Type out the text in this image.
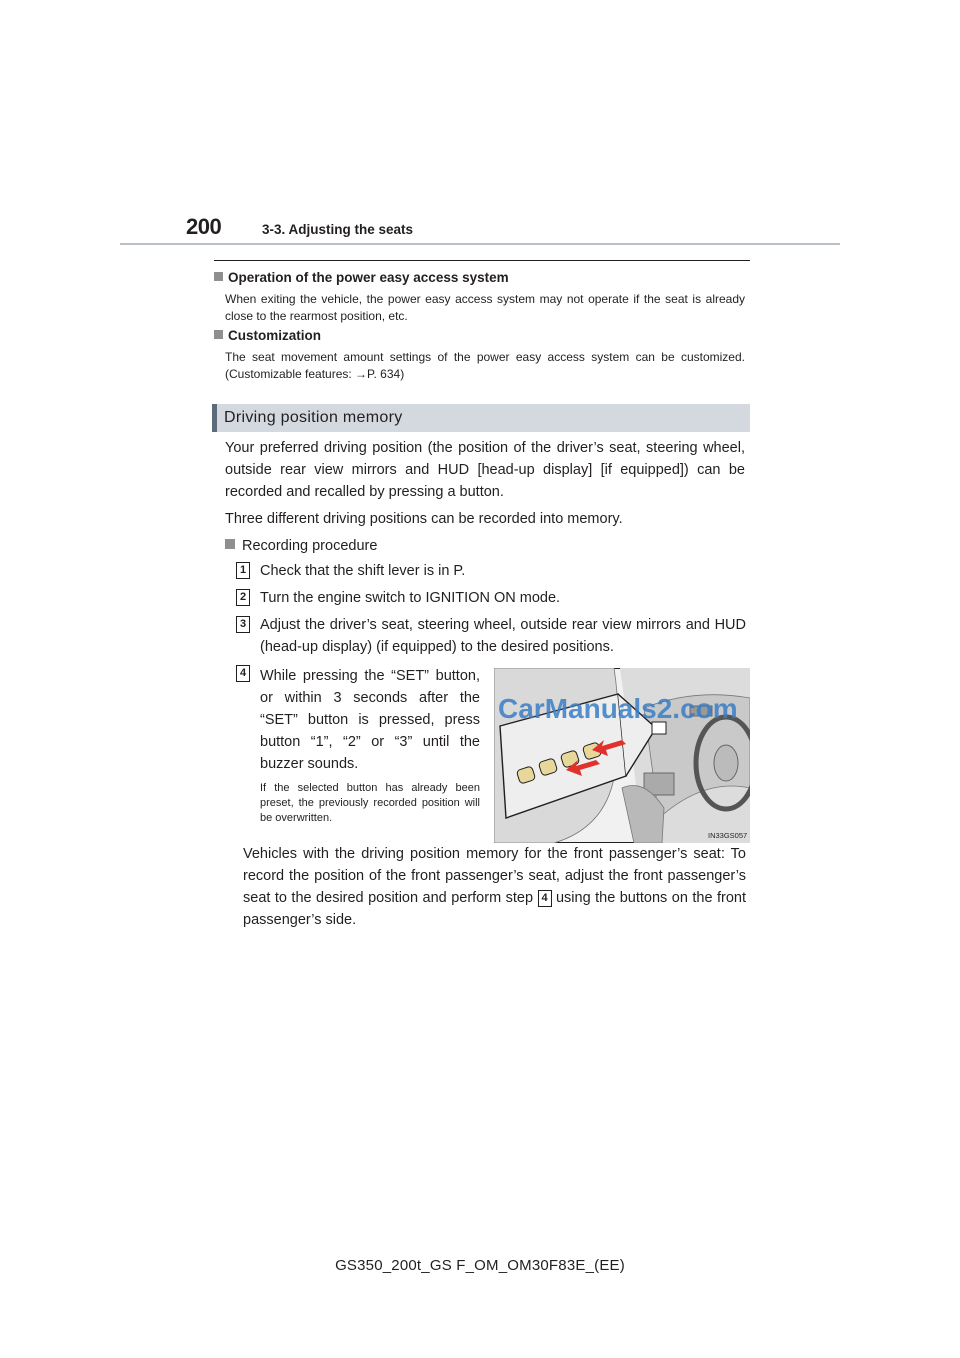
200	3-3. Adjusting the seats
Operation of the power easy access system
When exiting the vehicle, the power easy access system may not operate if the seat is already close to the rearmost position, etc.
Customization
The seat movement amount settings of the power easy access system can be customized. (Customizable features: →P. 634)
Driving position memory
Your preferred driving position (the position of the driver’s seat, steering wheel, outside rear view mirrors and HUD [head-up display] [if equipped]) can be recorded and recalled by pressing a button.
Three different driving positions can be recorded into memory.
Recording procedure
1 Check that the shift lever is in P.
2 Turn the engine switch to IGNITION ON mode.
3 Adjust the driver’s seat, steering wheel, outside rear view mirrors and HUD (head-up display) (if equipped) to the desired positions.
4 While pressing the “SET” button, or within 3 seconds after the “SET” button is pressed, press button “1”, “2” or “3” until the buzzer sounds.
If the selected button has already been preset, the previously recorded position will be overwritten.
CarManuals2.com
IN33GS057
Vehicles with the driving position memory for the front passenger’s seat: To record the position of the front passenger’s seat, adjust the front passenger’s seat to the desired position and perform step 4 using the buttons on the front passenger’s side.
GS350_200t_GS F_OM_OM30F83E_(EE)
